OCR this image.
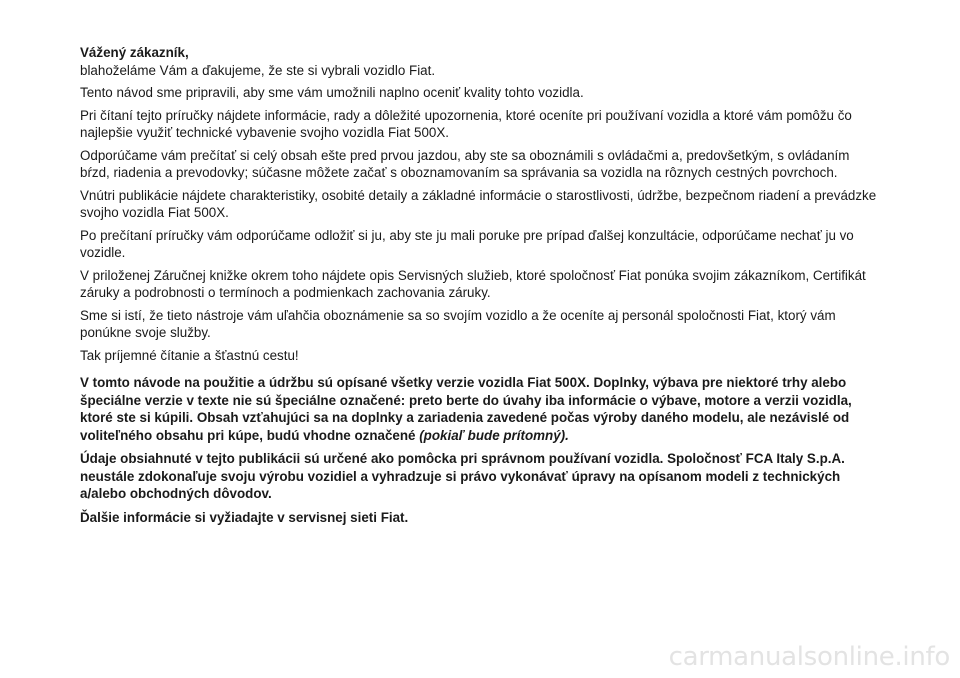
Vážený zákazník,

blahoželáme Vám a ďakujeme, že ste si vybrali vozidlo Fiat.

Tento návod sme pripravili, aby sme vám umožnili naplno oceniť kvality tohto vozidla.

Pri čítaní tejto príručky nájdete informácie, rady a dôležité upozornenia, ktoré oceníte pri používaní vozidla a ktoré vám pomôžu čo najlepšie využiť technické vybavenie svojho vozidla Fiat 500X.

Odporúčame vám prečítať si celý obsah ešte pred prvou jazdou, aby ste sa oboznámili s ovládačmi a, predovšetkým, s ovládaním bŕzd, riadenia a prevodovky; súčasne môžete začať s oboznamovaním sa správania sa vozidla na rôznych cestných povrchoch.

Vnútri publikácie nájdete charakteristiky, osobité detaily a základné informácie o starostlivosti, údržbe, bezpečnom riadení a prevádzke svojho vozidla Fiat 500X.

Po prečítaní príručky vám odporúčame odložiť si ju, aby ste ju mali poruke pre prípad ďalšej konzultácie, odporúčame nechať ju vo vozidle.

V priloženej Záručnej knižke okrem toho nájdete opis Servisných služieb, ktoré spoločnosť Fiat ponúka svojim zákazníkom, Certifikát záruky a podrobnosti o termínoch a podmienkach zachovania záruky.

Sme si istí, že tieto nástroje vám uľahčia oboznámenie sa so svojím vozidlo a že oceníte aj personál spoločnosti Fiat, ktorý vám ponúkne svoje služby.

Tak príjemné čítanie a šťastnú cestu!

V tomto návode na použitie a údržbu sú opísané všetky verzie vozidla Fiat 500X. Doplnky, výbava pre niektoré trhy alebo špeciálne verzie v texte nie sú špeciálne označené: preto berte do úvahy iba informácie o výbave, motore a verzii vozidla, ktoré ste si kúpili. Obsah vzťahujúci sa na doplnky a zariadenia zavedené počas výroby daného modelu, ale nezávislé od voliteľného obsahu pri kúpe, budú vhodne označené (pokiaľ bude prítomný).

Údaje obsiahnuté v tejto publikácii sú určené ako pomôcka pri správnom používaní vozidla. Spoločnosť FCA Italy S.p.A. neustále zdokonaľuje svoju výrobu vozidiel a vyhradzuje si právo vykonávať úpravy na opísanom modeli z technických a/alebo obchodných dôvodov.

Ďalšie informácie si vyžiadajte v servisnej sieti Fiat.

carmanualsonline.info
